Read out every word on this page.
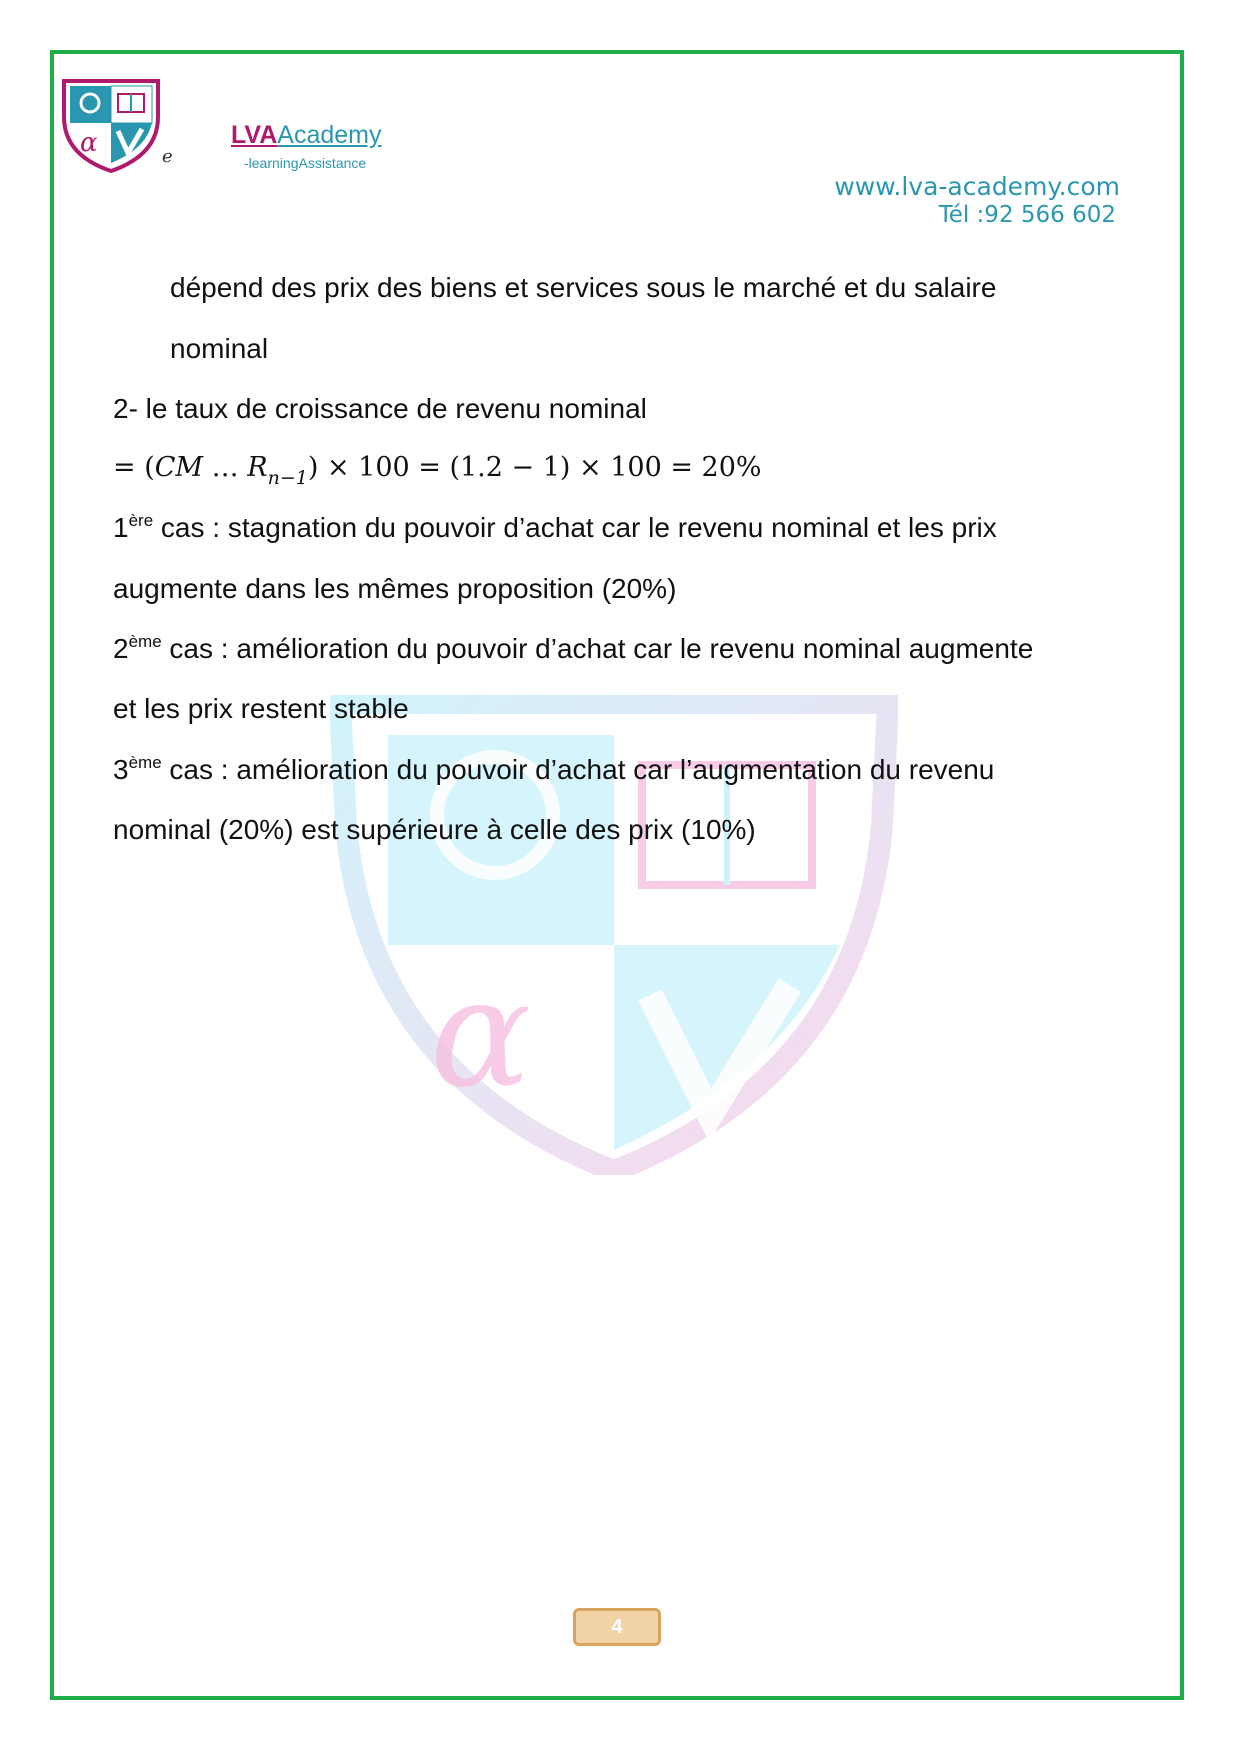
α	e
LVAAcademy
-learningAssistance
www.lva-academy.com
Tél :92 566 602
α
dépend des prix des biens et services sous le marché et du salaire
nominal
2- le taux de croissance de revenu nominal
= (CM … $R_{n-1}) \times 100 = (1.2 - 1) \times 100 = 20\%$
1ère cas : stagnation du pouvoir d’achat car le revenu nominal et les prix
augmente dans les mêmes proposition (20%)
2ème cas : amélioration du pouvoir d’achat car le revenu nominal augmente
et les prix restent stable
3ème cas : amélioration du pouvoir d’achat car l’augmentation du revenu
nominal (20%) est supérieure à celle des prix (10%)
4
